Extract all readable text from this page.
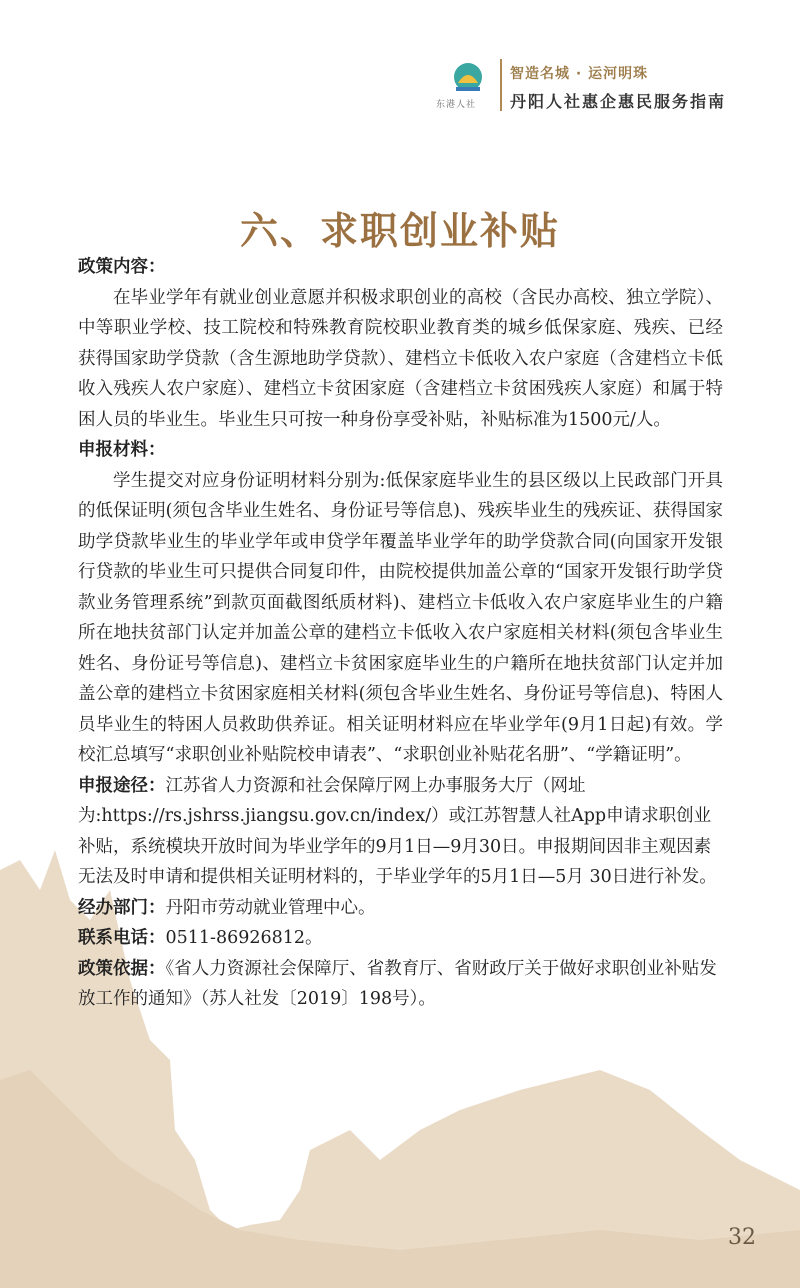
东港人社
智造名城 · 运河明珠
丹阳人社惠企惠民服务指南
六、求职创业补贴

政策内容：

在毕业学年有就业创业意愿并积极求职创业的高校（含民办高校、独立学院）、中等职业学校、技工院校和特殊教育院校职业教育类的城乡低保家庭、残疾、已经获得国家助学贷款（含生源地助学贷款）、建档立卡低收入农户家庭（含建档立卡低收入残疾人农户家庭）、建档立卡贫困家庭（含建档立卡贫困残疾人家庭）和属于特困人员的毕业生。毕业生只可按一种身份享受补贴，补贴标准为1500元/人。

申报材料：

学生提交对应身份证明材料分别为:低保家庭毕业生的县区级以上民政部门开具的低保证明(须包含毕业生姓名、身份证号等信息)、残疾毕业生的残疾证、获得国家助学贷款毕业生的毕业学年或申贷学年覆盖毕业学年的助学贷款合同(向国家开发银行贷款的毕业生可只提供合同复印件，由院校提供加盖公章的“国家开发银行助学贷款业务管理系统”到款页面截图纸质材料)、建档立卡低收入农户家庭毕业生的户籍所在地扶贫部门认定并加盖公章的建档立卡低收入农户家庭相关材料(须包含毕业生姓名、身份证号等信息)、建档立卡贫困家庭毕业生的户籍所在地扶贫部门认定并加盖公章的建档立卡贫困家庭相关材料(须包含毕业生姓名、身份证号等信息)、特困人员毕业生的特困人员救助供养证。相关证明材料应在毕业学年(9月1日起)有效。学校汇总填写“求职创业补贴院校申请表”、“求职创业补贴花名册”、“学籍证明”。

申报途径：江苏省人力资源和社会保障厅网上办事服务大厅（网址为:https://rs.jshrss.jiangsu.gov.cn/index/）或江苏智慧人社App申请求职创业补贴，系统模块开放时间为毕业学年的9月1日—9月30日。申报期间因非主观因素无法及时申请和提供相关证明材料的，于毕业学年的5月1日—5月 30日进行补发。

经办部门：丹阳市劳动就业管理中心。

联系电话：0511-86926812。

政策依据：《省人力资源社会保障厅、省教育厅、省财政厅关于做好求职创业补贴发放工作的通知》（苏人社发〔2019〕198号）。

32
